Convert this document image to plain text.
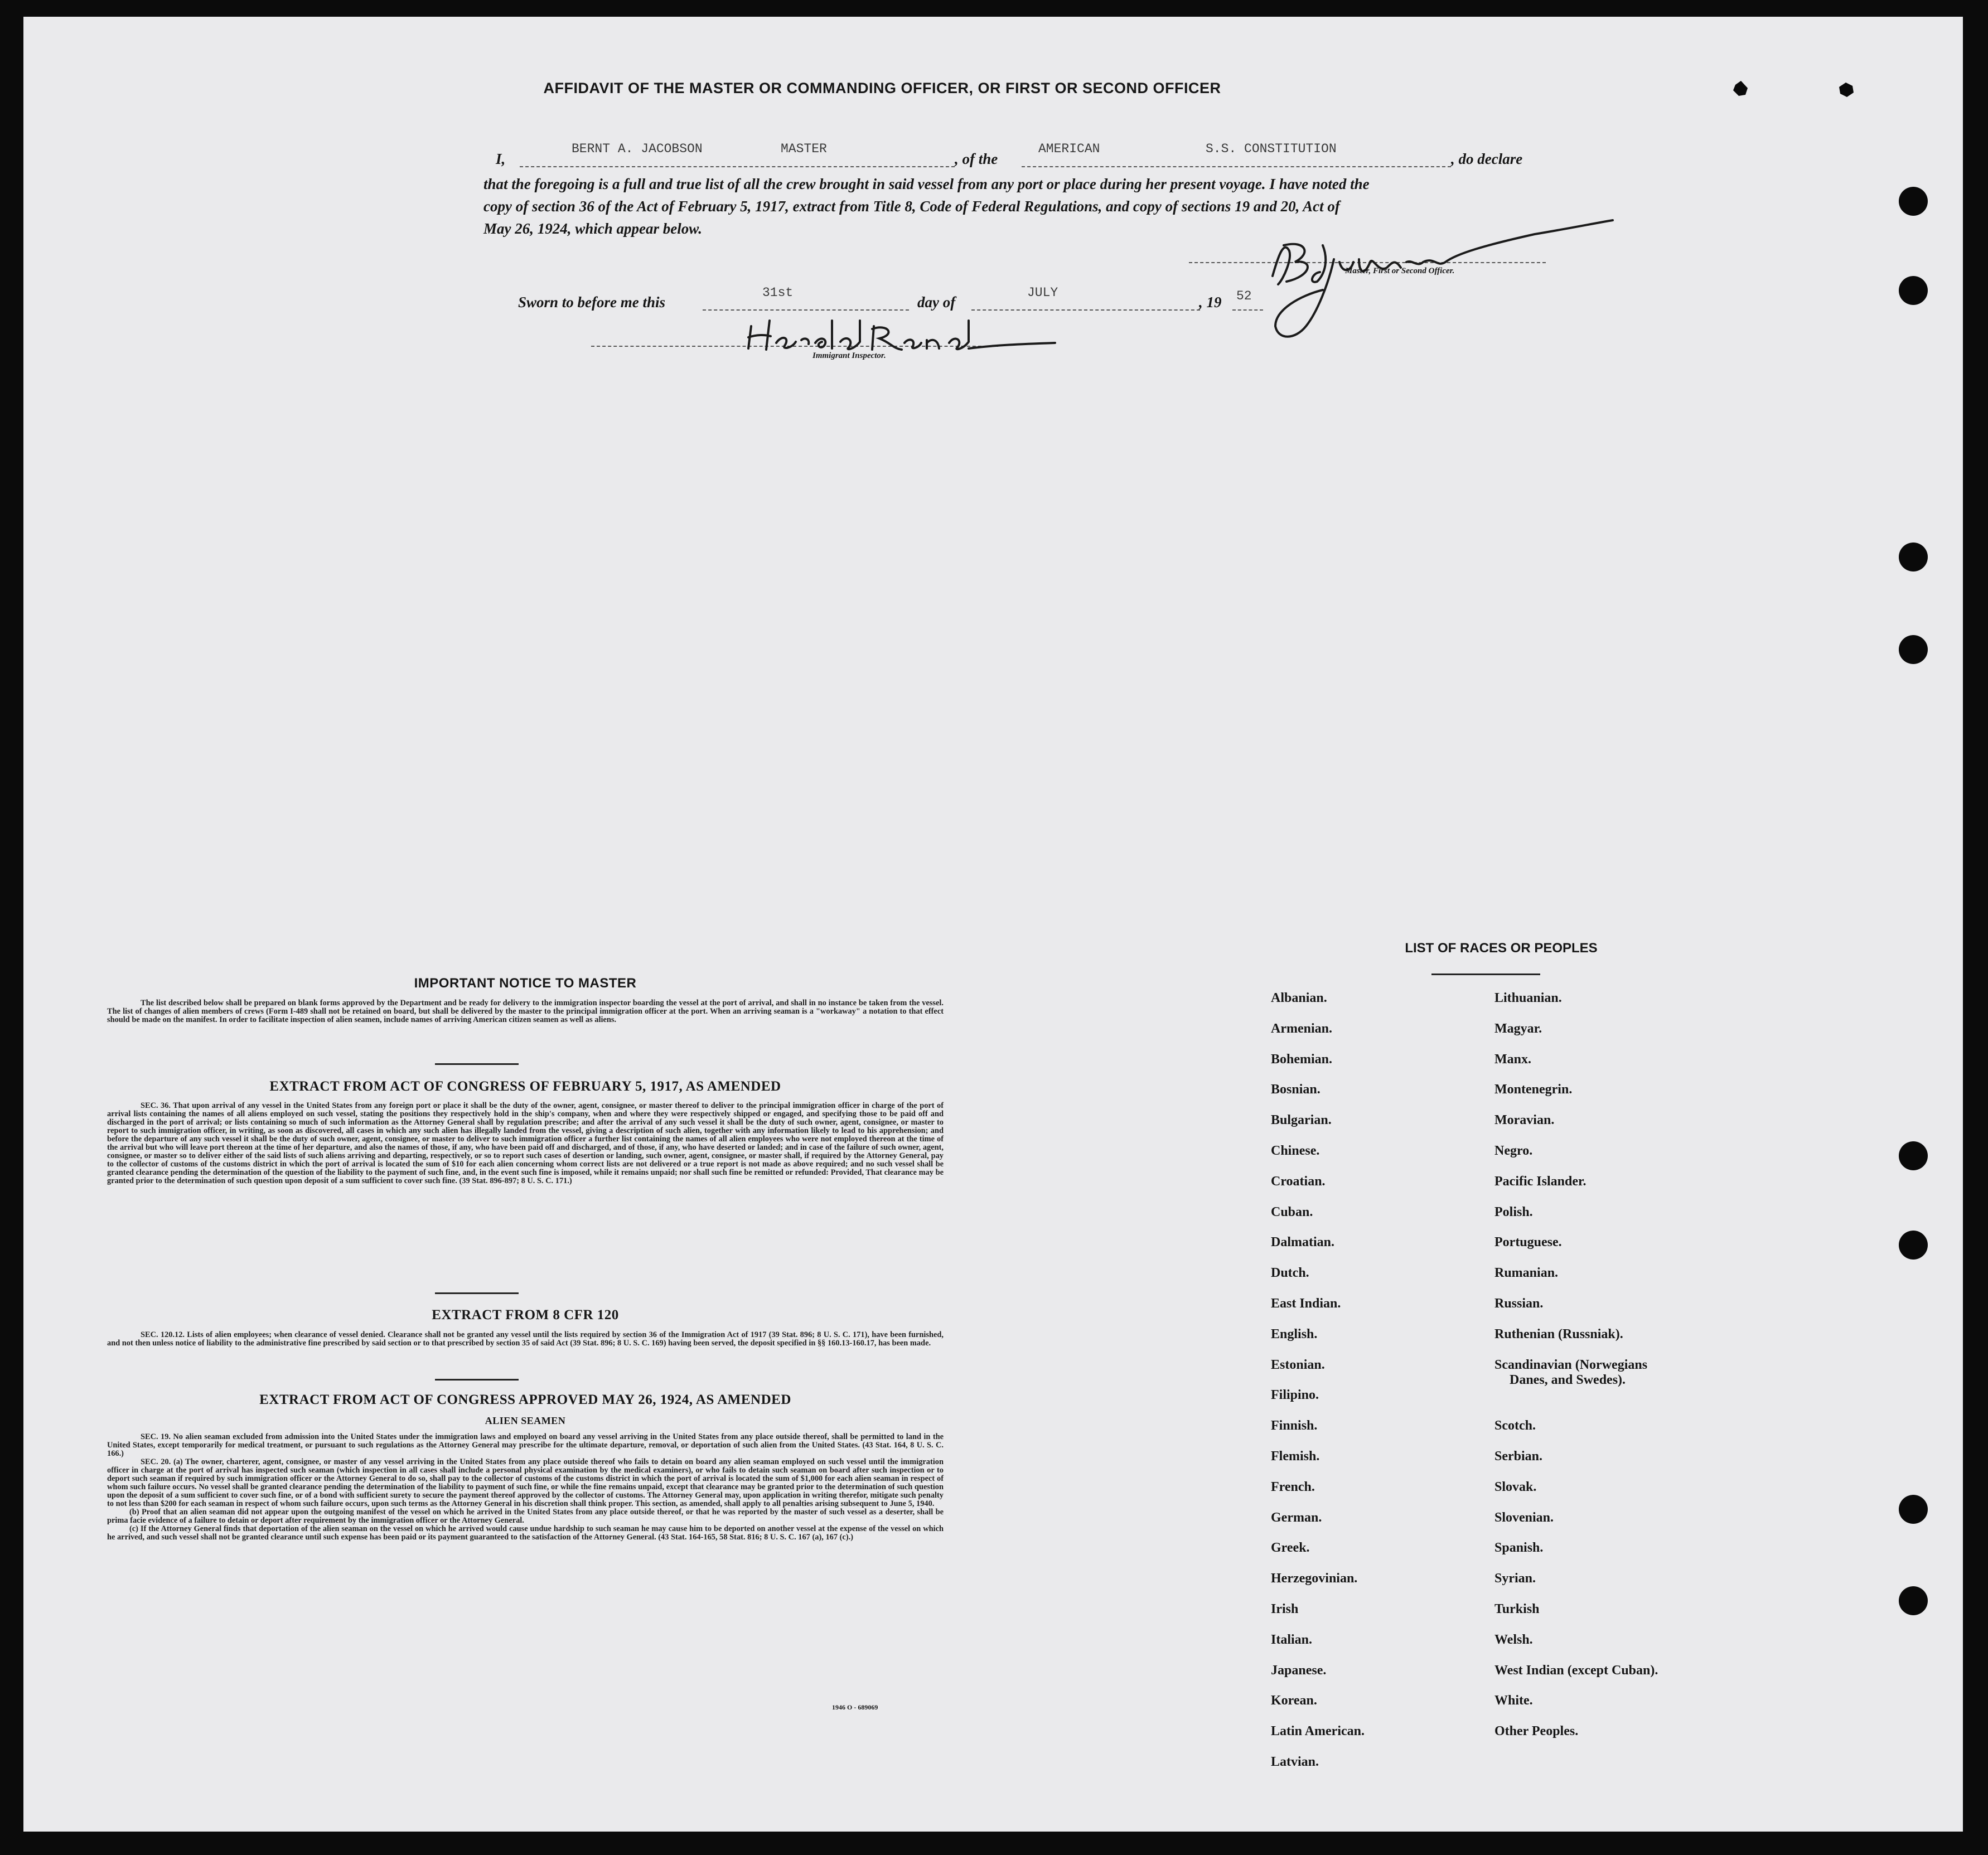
AFFIDAVIT OF THE MASTER OR COMMANDING OFFICER, OR FIRST OR SECOND OFFICER
I,
BERNT A. JACOBSON	MASTER
, of the
AMERICAN	S.S. CONSTITUTION
, do declare
that the foregoing is a full and true list of all the crew brought in said vessel from any port or place during her present voyage. I have noted the
copy of section 36 of the Act of February 5, 1917, extract from Title 8, Code of Federal Regulations, and copy of sections 19 and 20, Act of
May 26, 1924, which appear below.
Master, First or Second Officer.
Sworn to before me this
31st
day of
JULY
, 19 52
Immigrant Inspector.
IMPORTANT NOTICE TO MASTER

The list described below shall be prepared on blank forms approved by the Department and be ready for delivery to the immigration inspector boarding the vessel at the port of arrival, and shall in no instance be taken from the vessel. The list of changes of alien members of crews (Form I-489 shall not be retained on board, but shall be delivered by the master to the principal immigration officer at the port. When an arriving seaman is a "workaway" a notation to that effect should be made on the manifest. In order to facilitate inspection of alien seamen, include names of arriving American citizen seamen as well as aliens.

EXTRACT FROM ACT OF CONGRESS OF FEBRUARY 5, 1917, AS AMENDED

SEC. 36. That upon arrival of any vessel in the United States from any foreign port or place it shall be the duty of the owner, agent, consignee, or master thereof to deliver to the principal immigration officer in charge of the port of arrival lists containing the names of all aliens employed on such vessel, stating the positions they respectively hold in the ship's company, when and where they were respectively shipped or engaged, and specifying those to be paid off and discharged in the port of arrival; or lists containing so much of such information as the Attorney General shall by regulation prescribe; and after the arrival of any such vessel it shall be the duty of such owner, agent, consignee, or master to report to such immigration officer, in writing, as soon as discovered, all cases in which any such alien has illegally landed from the vessel, giving a description of such alien, together with any information likely to lead to his apprehension; and before the departure of any such vessel it shall be the duty of such owner, agent, consignee, or master to deliver to such immigration officer a further list containing the names of all alien employees who were not employed thereon at the time of the arrival but who will leave port thereon at the time of her departure, and also the names of those, if any, who have been paid off and discharged, and of those, if any, who have deserted or landed; and in case of the failure of such owner, agent, consignee, or master so to deliver either of the said lists of such aliens arriving and departing, respectively, or so to report such cases of desertion or landing, such owner, agent, consignee, or master shall, if required by the Attorney General, pay to the collector of customs of the customs district in which the port of arrival is located the sum of $10 for each alien concerning whom correct lists are not delivered or a true report is not made as above required; and no such vessel shall be granted clearance pending the determination of the question of the liability to the payment of such fine, and, in the event such fine is imposed, while it remains unpaid; nor shall such fine be remitted or refunded: Provided, That clearance may be granted prior to the determination of such question upon deposit of a sum sufficient to cover such fine. (39 Stat. 896-897; 8 U. S. C. 171.)

EXTRACT FROM 8 CFR 120

SEC. 120.12. Lists of alien employees; when clearance of vessel denied. Clearance shall not be granted any vessel until the lists required by section 36 of the Immigration Act of 1917 (39 Stat. 896; 8 U. S. C. 171), have been furnished, and not then unless notice of liability to the administrative fine prescribed by said section or to that prescribed by section 35 of said Act (39 Stat. 896; 8 U. S. C. 169) having been served, the deposit specified in §§ 160.13-160.17, has been made.

EXTRACT FROM ACT OF CONGRESS APPROVED MAY 26, 1924, AS AMENDED
ALIEN SEAMEN

SEC. 19. No alien seaman excluded from admission into the United States under the immigration laws and employed on board any vessel arriving in the United States from any place outside thereof, shall be permitted to land in the United States, except temporarily for medical treatment, or pursuant to such regulations as the Attorney General may prescribe for the ultimate departure, removal, or deportation of such alien from the United States. (43 Stat. 164, 8 U. S. C. 166.)

SEC. 20. (a) The owner, charterer, agent, consignee, or master of any vessel arriving in the United States from any place outside thereof who fails to detain on board any alien seaman employed on such vessel until the immigration officer in charge at the port of arrival has inspected such seaman (which inspection in all cases shall include a personal physical examination by the medical examiners), or who fails to detain such seaman on board after such inspection or to deport such seaman if required by such immigration officer or the Attorney General to do so, shall pay to the collector of customs of the customs district in which the port of arrival is located the sum of $1,000 for each alien seaman in respect of whom such failure occurs. No vessel shall be granted clearance pending the determination of the liability to payment of such fine, or while the fine remains unpaid, except that clearance may be granted prior to the determination of such question upon the deposit of a sum sufficient to cover such fine, or of a bond with sufficient surety to secure the payment thereof approved by the collector of customs. The Attorney General may, upon application in writing therefor, mitigate such penalty to not less than $200 for each seaman in respect of whom such failure occurs, upon such terms as the Attorney General in his discretion shall think proper. This section, as amended, shall apply to all penalties arising subsequent to June 5, 1940.

(b) Proof that an alien seaman did not appear upon the outgoing manifest of the vessel on which he arrived in the United States from any place outside thereof, or that he was reported by the master of such vessel as a deserter, shall be prima facie evidence of a failure to detain or deport after requirement by the immigration officer or the Attorney General.

(c) If the Attorney General finds that deportation of the alien seaman on the vessel on which he arrived would cause undue hardship to such seaman he may cause him to be deported on another vessel at the expense of the vessel on which he arrived, and such vessel shall not be granted clearance until such expense has been paid or its payment guaranteed to the satisfaction of the Attorney General. (43 Stat. 164-165, 58 Stat. 816; 8 U. S. C. 167 (a), 167 (c).)

1946 O - 689069
LIST OF RACES OR PEOPLES
Albanian.
Armenian.
Bohemian.
Bosnian.
Bulgarian.
Chinese.
Croatian.
Cuban.
Dalmatian.
Dutch.
East Indian.
English.
Estonian.
Filipino.
Finnish.
Flemish.
French.
German.
Greek.
Herzegovinian.
Irish
Italian.
Japanese.
Korean.
Latin American.
Latvian.
Lithuanian.
Magyar.
Manx.
Montenegrin.
Moravian.
Negro.
Pacific Islander.
Polish.
Portuguese.
Rumanian.
Russian.
Ruthenian (Russniak).
Scandinavian (Norwegians
Danes, and Swedes).
Scotch.
Serbian.
Slovak.
Slovenian.
Spanish.
Syrian.
Turkish
Welsh.
West Indian (except Cuban).
White.
Other Peoples.
